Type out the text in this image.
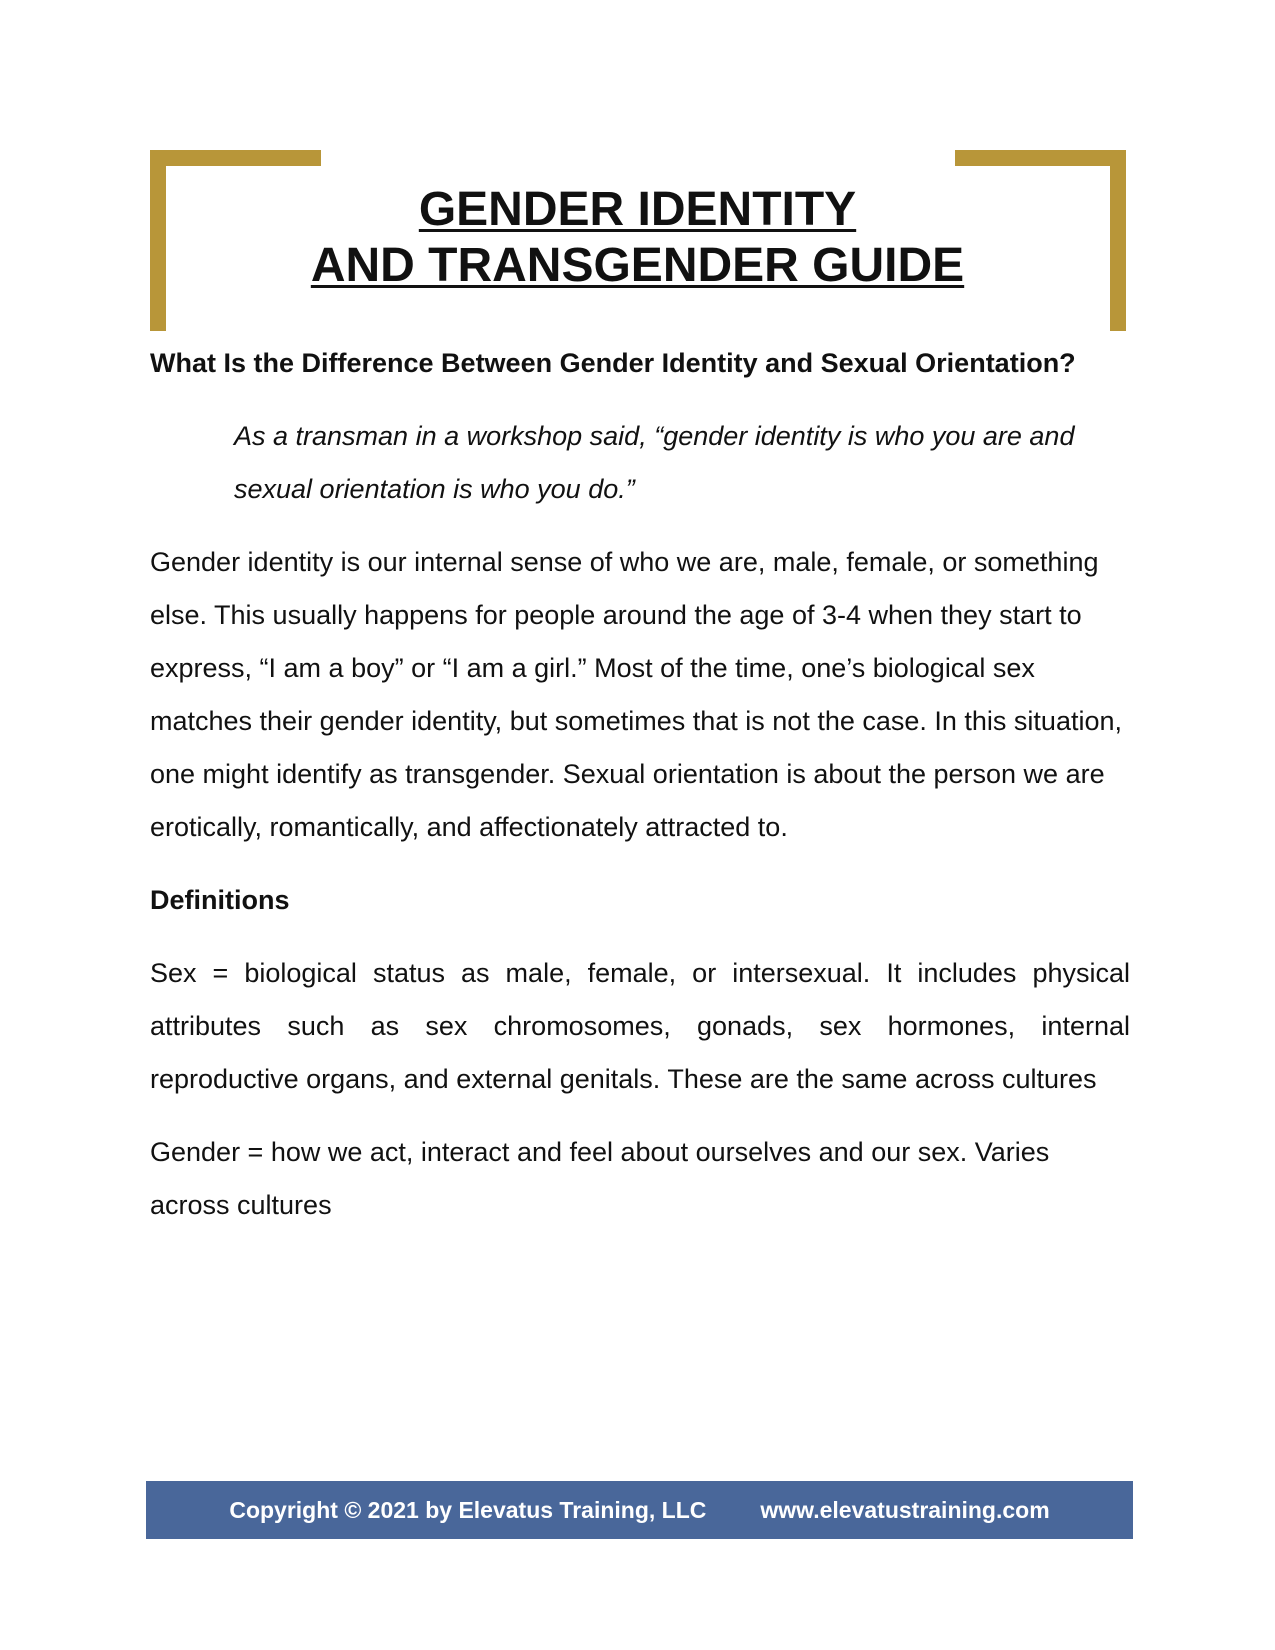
GENDER IDENTITY
AND TRANSGENDER GUIDE
What Is the Difference Between Gender Identity and Sexual Orientation?

As a transman in a workshop said, “gender identity is who you are and sexual orientation is who you do.”

Gender identity is our internal sense of who we are, male, female, or something else. This usually happens for people around the age of 3-4 when they start to express, “I am a boy” or “I am a girl.” Most of the time, one’s biological sex matches their gender identity, but sometimes that is not the case. In this situation, one might identify as transgender. Sexual orientation is about the person we are erotically, romantically, and affectionately attracted to.

Definitions

Sex = biological status as male, female, or intersexual. It includes physical attributes such as sex chromosomes, gonads, sex hormones, internal reproductive organs, and external genitals. These are the same across cultures

Gender = how we act, interact and feel about ourselves and our sex. Varies across cultures

Copyright © 2021 by Elevatus Training, LLC www.elevatustraining.com
